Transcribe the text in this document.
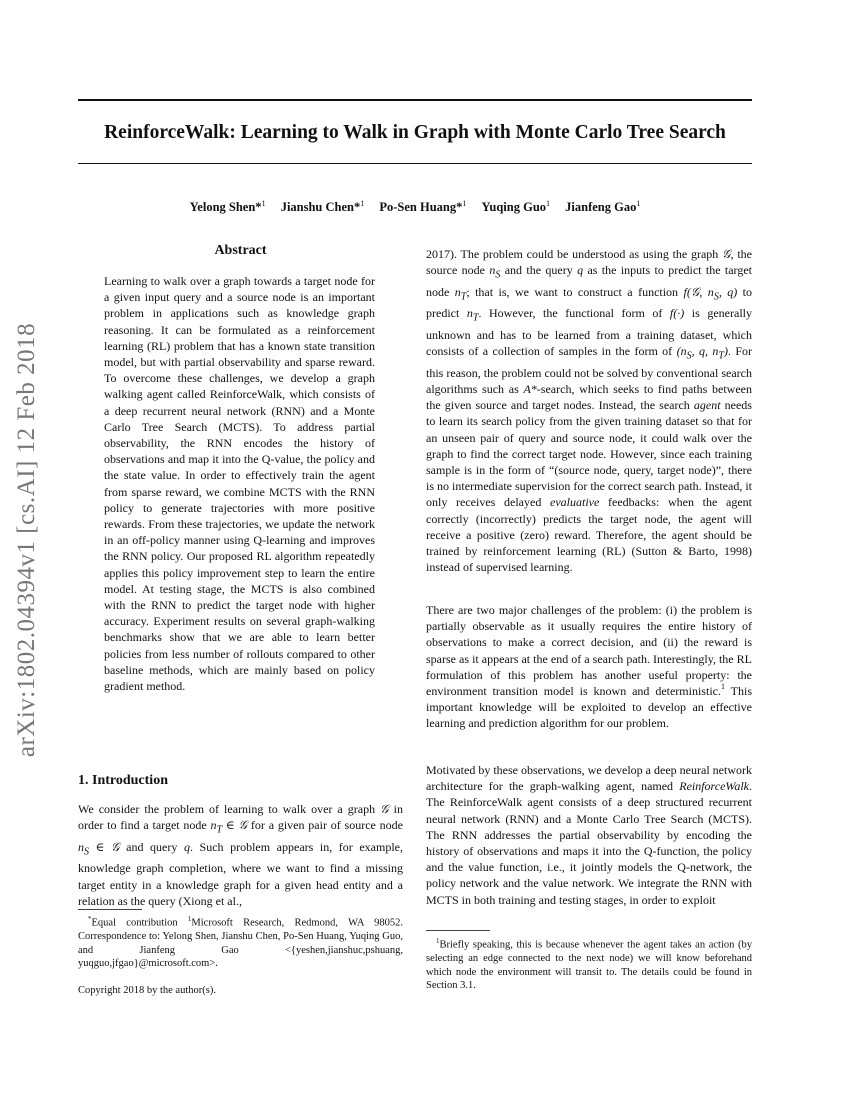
ReinforceWalk: Learning to Walk in Graph with Monte Carlo Tree Search
Yelong Shen*$^1$ Jianshu Chen*$^1$ Po-Sen Huang*$^1$ Yuqing Guo$^1$ Jianfeng Gao$^1$
arXiv:1802.04394v1 [cs.AI] 12 Feb 2018
Abstract

Learning to walk over a graph towards a target node for a given input query and a source node is an important problem in applications such as knowledge graph reasoning. It can be formulated as a reinforcement learning (RL) problem that has a known state transition model, but with partial observability and sparse reward. To overcome these challenges, we develop a graph walking agent called ReinforceWalk, which consists of a deep recurrent neural network (RNN) and a Monte Carlo Tree Search (MCTS). To address partial observability, the RNN encodes the history of observations and map it into the Q-value, the policy and the state value. In order to effectively train the agent from sparse reward, we combine MCTS with the RNN policy to generate trajectories with more positive rewards. From these trajectories, we update the network in an off-policy manner using Q-learning and improves the RNN policy. Our proposed RL algorithm repeatedly applies this policy improvement step to learn the entire model. At testing stage, the MCTS is also combined with the RNN to predict the target node with higher accuracy. Experiment results on several graph-walking benchmarks show that we are able to learn better policies from less number of rollouts compared to other baseline methods, which are mainly based on policy gradient method.

1. Introduction

We consider the problem of learning to walk over a graph 𝒢 in order to find a target node $n_T$ ∈ 𝒢 for a given pair of source node $n_S$ ∈ 𝒢 and query q. Such problem appears in, for example, knowledge graph completion, where we want to find a missing target entity in a knowledge graph for a given head entity and a relation as the query (Xiong et al.,

*Equal contribution $^1$Microsoft Research, Redmond, WA 98052. Correspondence to: Yelong Shen, Jianshu Chen, Po-Sen Huang, Yuqing Guo, and Jianfeng Gao <{yeshen,jianshuc,pshuang, yuqguo,jfgao}@microsoft.com>.

Copyright 2018 by the author(s).

2017). The problem could be understood as using the graph 𝒢, the source node $n_S$ and the query q as the inputs to predict the target node $n_T$; that is, we want to construct a function f(𝒢, $n_S$, q) to predict $n_T$. However, the functional form of f(·) is generally unknown and has to be learned from a training dataset, which consists of a collection of samples in the form of ($n_S$, q, $n_T$). For this reason, the problem could not be solved by conventional search algorithms such as A*-search, which seeks to find paths between the given source and target nodes. Instead, the search agent needs to learn its search policy from the given training dataset so that for an unseen pair of query and source node, it could walk over the graph to find the correct target node. However, since each training sample is in the form of “(source node, query, target node)”, there is no intermediate supervision for the correct search path. Instead, it only receives delayed evaluative feedbacks: when the agent correctly (incorrectly) predicts the target node, the agent will receive a positive (zero) reward. Therefore, the agent should be trained by reinforcement learning (RL) (Sutton & Barto, 1998) instead of supervised learning.

There are two major challenges of the problem: (i) the problem is partially observable as it usually requires the entire history of observations to make a correct decision, and (ii) the reward is sparse as it appears at the end of a search path. Interestingly, the RL formulation of this problem has another useful property: the environment transition model is known and deterministic.$^1$ This important knowledge will be exploited to develop an effective learning and prediction algorithm for our problem.

Motivated by these observations, we develop a deep neural network architecture for the graph-walking agent, named ReinforceWalk. The ReinforceWalk agent consists of a deep structured recurrent neural network (RNN) and a Monte Carlo Tree Search (MCTS). The RNN addresses the partial observability by encoding the history of observations and maps it into the Q-function, the policy and the value function, i.e., it jointly models the Q-network, the policy network and the value network. We integrate the RNN with MCTS in both training and testing stages, in order to exploit

$^1$Briefly speaking, this is because whenever the agent takes an action (by selecting an edge connected to the next node) we will know beforehand which node the environment will transit to. The details could be found in Section 3.1.
